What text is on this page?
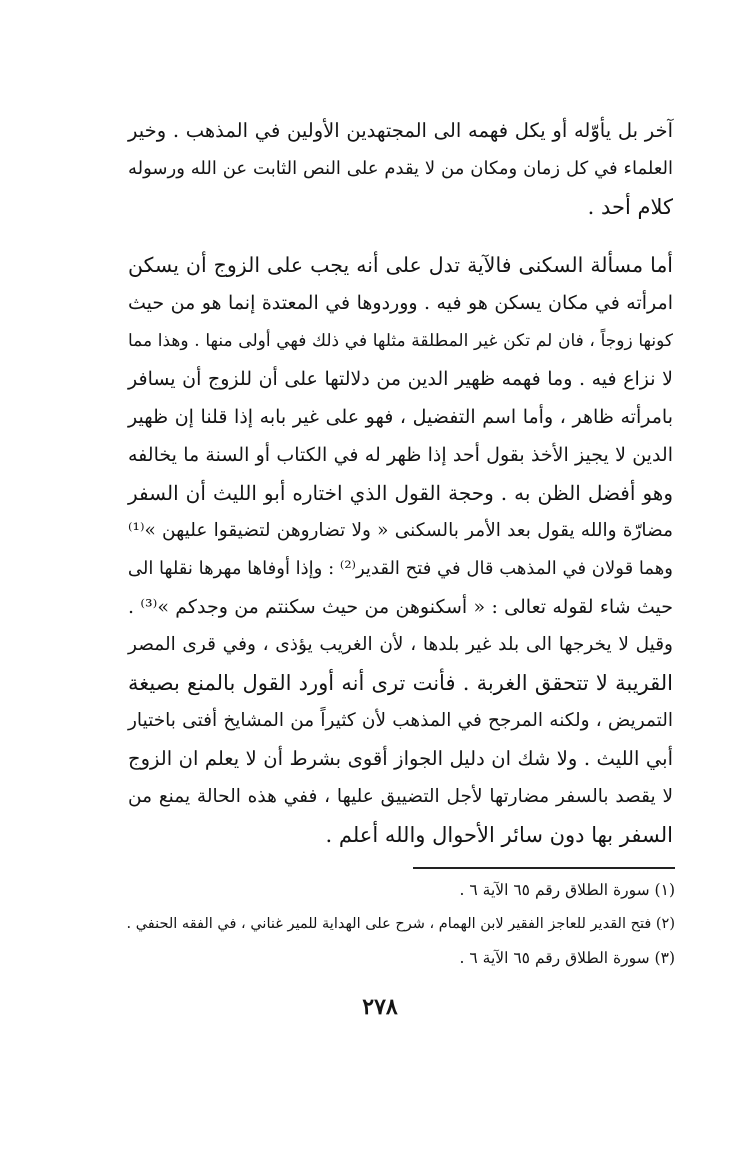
آخر بل يأوّله أو يكل فهمه الى المجتهدين الأولين في المذهب . وخير
العلماء في كل زمان ومكان من لا يقدم على النص الثابت عن الله ورسوله
كلام أحد .
أما مسألة السكنى فالآية تدل على أنه يجب على الزوج أن يسكن
امرأته في مكان يسكن هو فيه . ووردوها في المعتدة إنما هو من حيث
كونها زوجاً ، فان لم تكن غير المطلقة مثلها في ذلك فهي أولى منها . وهذا مما
لا نزاع فيه . وما فهمه ظهير الدين من دلالتها على أن للزوج أن يسافر
بامرأته ظاهر ، وأما اسم التفضيل ، فهو على غير بابه إذا قلنا إن ظهير
الدين لا يجيز الأخذ بقول أحد إذا ظهر له في الكتاب أو السنة ما يخالفه
وهو أفضل الظن به . وحجة القول الذي اختاره أبو الليث أن السفر
مضارّة والله يقول بعد الأمر بالسكنى « ولا تضاروهن لتضيقوا عليهن »⁽¹⁾
وهما قولان في المذهب قال في فتح القدير⁽²⁾ : وإذا أوفاها مهرها نقلها الى
حيث شاء لقوله تعالى : « أسكنوهن من حيث سكنتم من وجدكم »⁽³⁾ .
وقيل لا يخرجها الى بلد غير بلدها ، لأن الغريب يؤذى ، وفي قرى المصر
القريبة لا تتحقق الغربة . فأنت ترى أنه أورد القول بالمنع بصيغة
التمريض ، ولكنه المرجح في المذهب لأن كثيراً من المشايخ أفتى باختيار
أبي الليث . ولا شك ان دليل الجواز أقوى بشرط أن لا يعلم ان الزوج
لا يقصد بالسفر مضارتها لأجل التضييق عليها ، ففي هذه الحالة يمنع من
السفر بها دون سائر الأحوال والله أعلم .
(١) سورة الطلاق رقم ٦٥ الآية ٦ .
(٢) فتح القدير للعاجز الفقير لابن الهمام ، شرح على الهداية للمير غناني ، في الفقه الحنفي .
(٣) سورة الطلاق رقم ٦٥ الآية ٦ .
٢٧٨
